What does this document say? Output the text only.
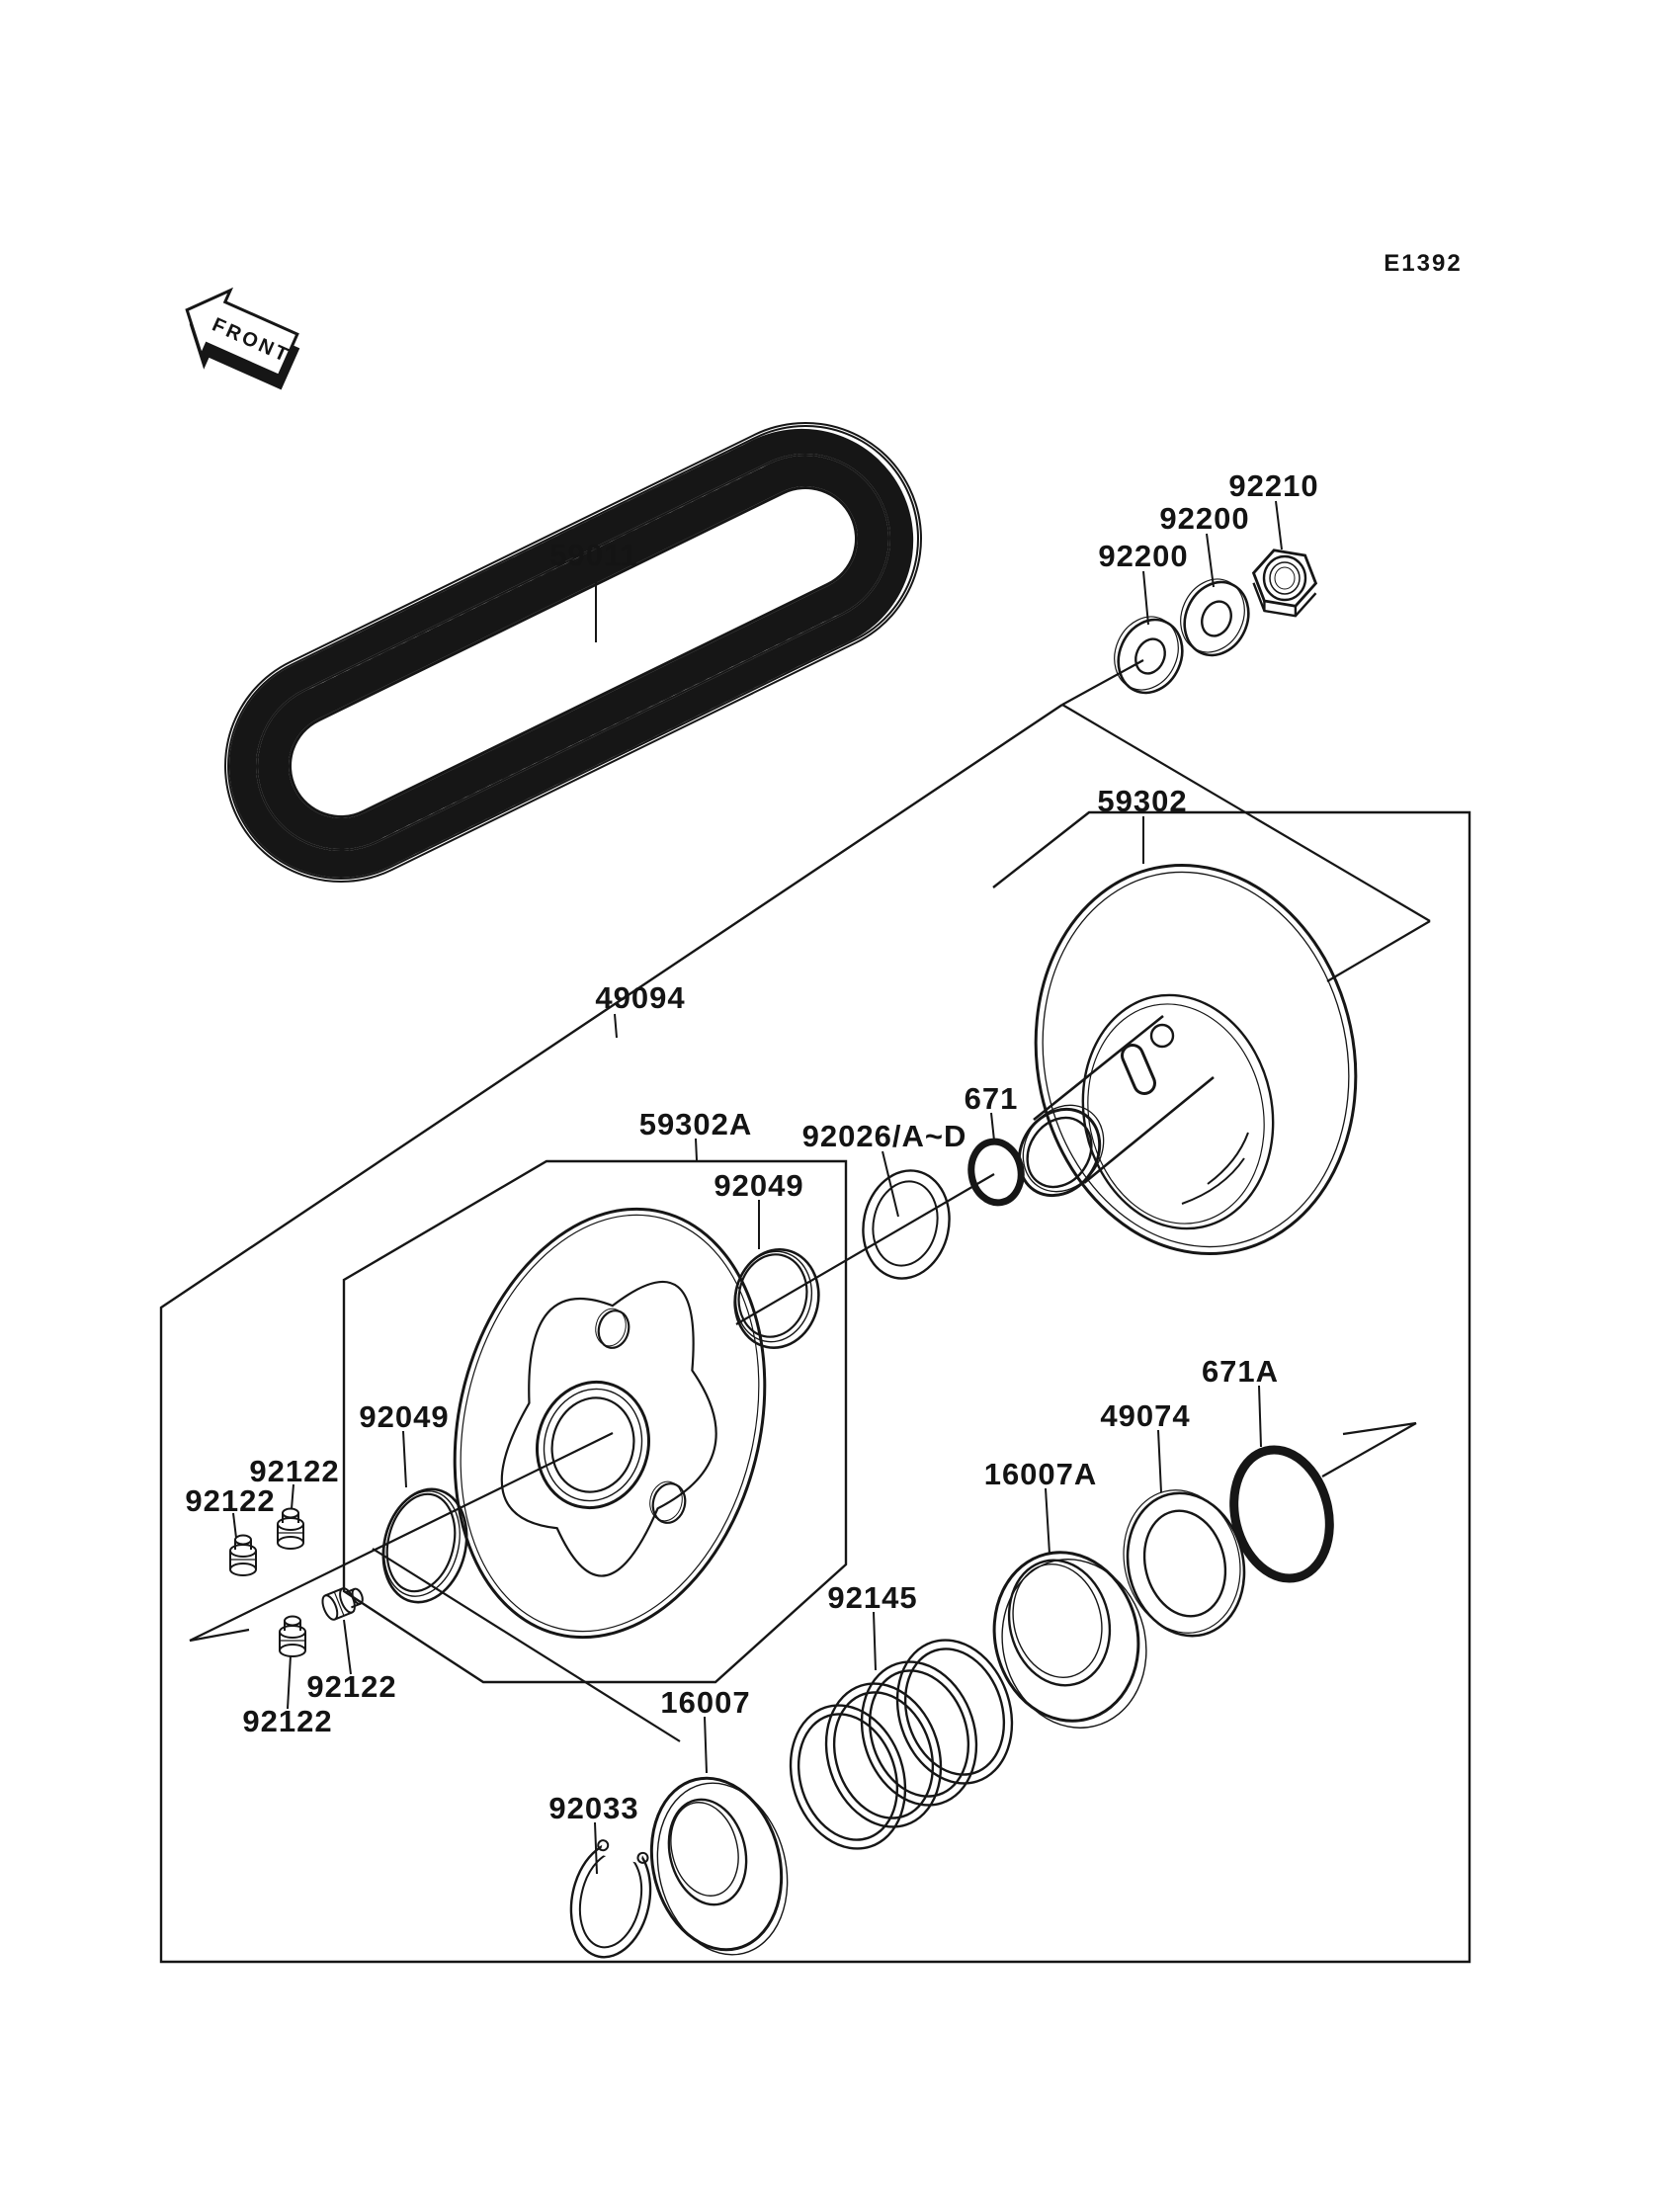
FRONT
E1392
59011	92200
92200
92210
59302
49094
59302A 92026/A~D
671
92049
92049
92122
92122
92122
92122
671A
49074
16007A
92145
16007
92033
